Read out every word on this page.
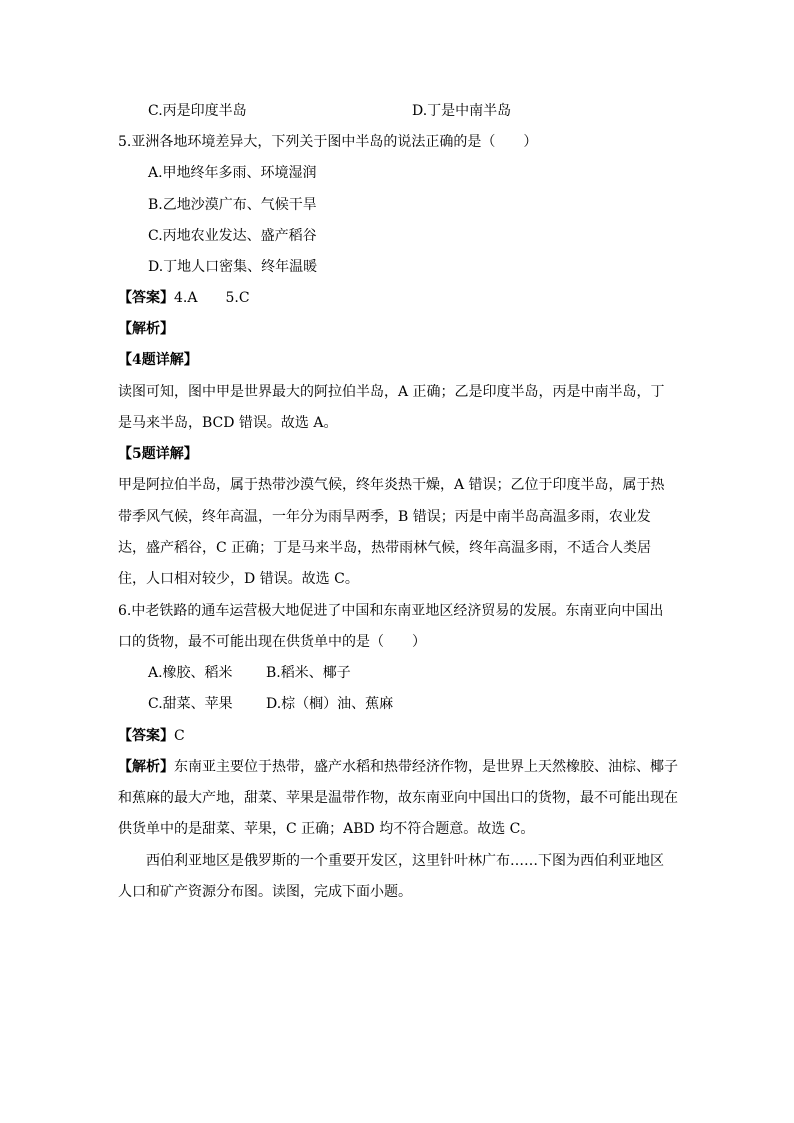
C.丙是印度半岛	D.丁是中南半岛
5.亚洲各地环境差异大，下列关于图中半岛的说法正确的是（　　）
A.甲地终年多雨、环境湿润
B.乙地沙漠广布、气候干旱
C.丙地农业发达、盛产稻谷
D.丁地人口密集、终年温暖
【答案】4.A　　5.C
【解析】
【4题详解】
读图可知，图中甲是世界最大的阿拉伯半岛，A 正确；乙是印度半岛，丙是中南半岛，丁
是马来半岛，BCD 错误。故选 A。
【5题详解】
甲是阿拉伯半岛，属于热带沙漠气候，终年炎热干燥，A 错误；乙位于印度半岛，属于热
带季风气候，终年高温，一年分为雨旱两季，B 错误；丙是中南半岛高温多雨，农业发
达，盛产稻谷，C 正确；丁是马来半岛，热带雨林气候，终年高温多雨，不适合人类居
住，人口相对较少，D 错误。故选 C。
6.中老铁路的通车运营极大地促进了中国和东南亚地区经济贸易的发展。东南亚向中国出
口的货物，最不可能出现在供货单中的是（　　）
A.橡胶、稻米 B.稻米、椰子
C.甜菜、苹果 D.棕（榈）油、蕉麻
【答案】C
【解析】东南亚主要位于热带，盛产水稻和热带经济作物，是世界上天然橡胶、油棕、椰子
和蕉麻的最大产地，甜菜、苹果是温带作物，故东南亚向中国出口的货物，最不可能出现在
供货单中的是甜菜、苹果，C 正确；ABD 均不符合题意。故选 C。
西伯利亚地区是俄罗斯的一个重要开发区，这里针叶林广布……下图为西伯利亚地区
人口和矿产资源分布图。读图，完成下面小题。
